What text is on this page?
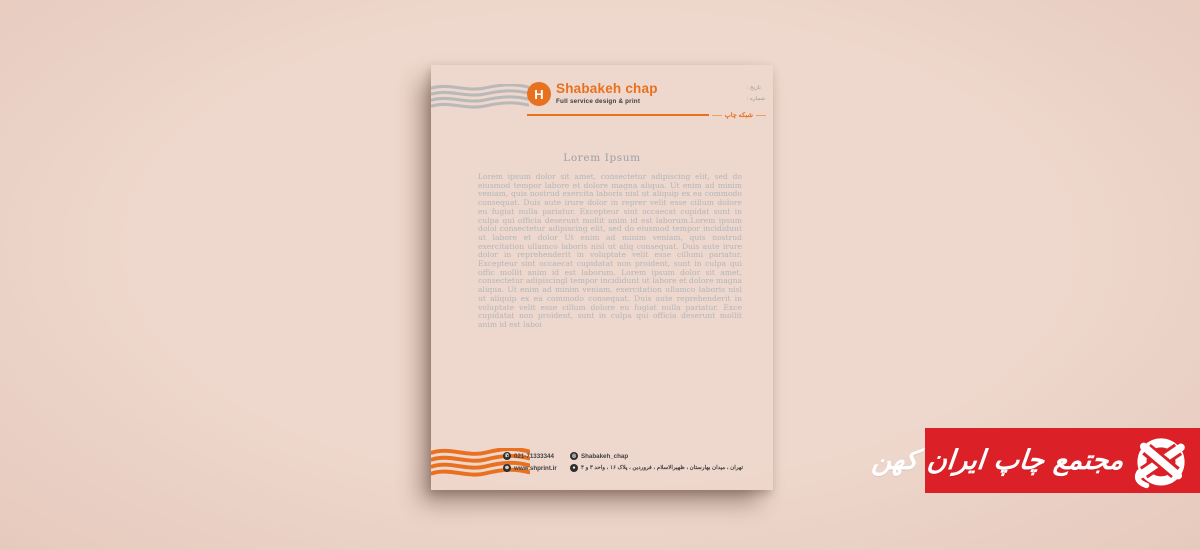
H Shabakeh chap
Full service design & print
شبکه چاپ
تاریخ :
شماره :
Lorem Ipsum
Lorem ipsum dolor sit amet, consectetur adipiscing elit, sed do eiusmod tempor labore et dolore magna aliqua. Ut enim ad minim veniam, quis nostrud exercita laboris nisl ut aliquip ex ea commodo consequat. Duis aute irure dolor in reprer velit esse cillum dolore eu fugiat nulla pariatur. Excepteur sint occaecat cupidat sunt in culpa qui officia deserunt mollit anim id est laborum.Lorem ipsum dolol consectetur adipiscing elit, sed do eiusmod tempor incididunt ut labore et dolor Ut enim ad minim veniam, quis nostrud exercitation ullamco laboris nisl ut aliq consequat. Duis aute irure dolor in reprehenderit in voluptate velit esse cillumi pariatur. Excepteur sint occaecat cupidatat non proident, sunt in culpa qui offic mollit anim id est laborum. Lorem ipsum dolor sit amet, consectetur adipiscingl tempor incididunt ut labore et dolore magna aliqua. Ut enim ad minim veniam, exercitation ullamco laboris nisl ut aliquip ex ea commodo consequat. Duis aute reprehenderit in voluptate velit esse cillum dolore eu fugiat nulla pariatur. Exce cupidatat non proident, sunt in culpa qui officia deserunt mollit anim id est laboi
✆ 021-71333344	◎ Shabakeh_chap
⊕ www.shprint.ir	● تهران ، میدان بهارستان ، ظهیرالاسلام ، فروردین ، پلاک ۱۶ ، واحد ۳ و ۴	مجتمع چاپ ایران کهن
